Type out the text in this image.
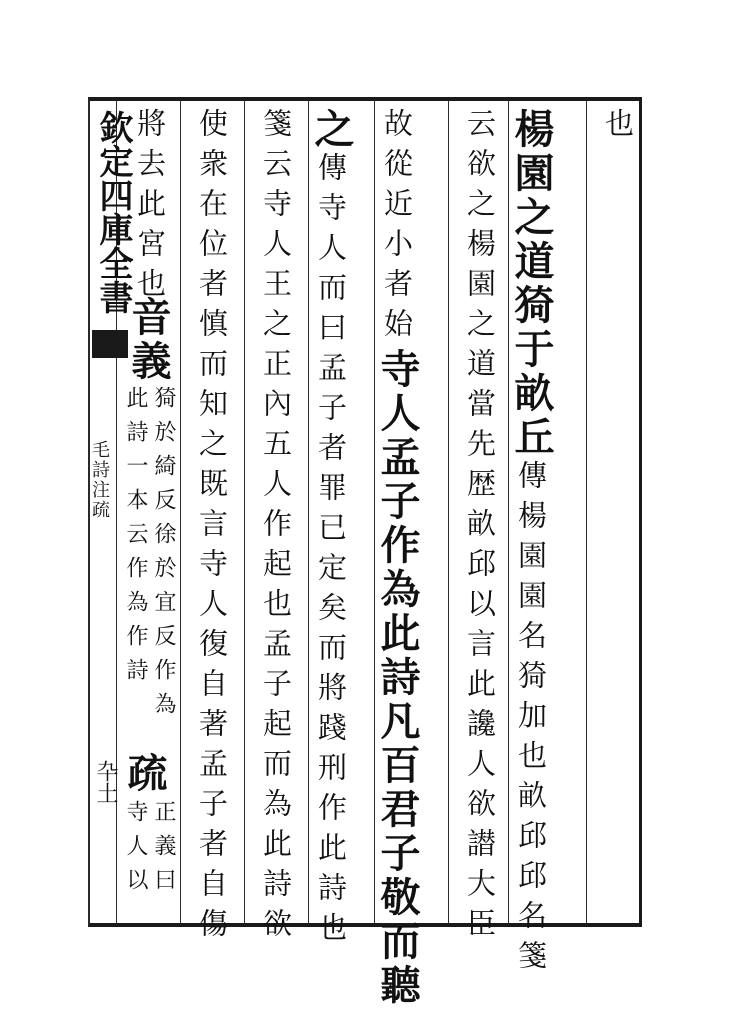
欽定四庫全書
毛詩注疏
卆土
也
楊園之道猗于畝丘傳楊園園名猗加也畝邱邱名箋
云欲之楊園之道當先歴畝邱以言此讒人欲譛大臣
故從近小者始寺人孟子作為此詩凡百君子敬而聽
之傳寺人而曰孟子者罪已定矣而將踐刑作此詩也
箋云寺人王之正內五人作起也孟子起而為此詩欲
使衆在位者慎而知之既言寺人復自著孟子者自傷
將去此宮也
音義
猗於綺反徐於宜反作為
此詩一本云作為作詩
疏
正義曰
寺人以
